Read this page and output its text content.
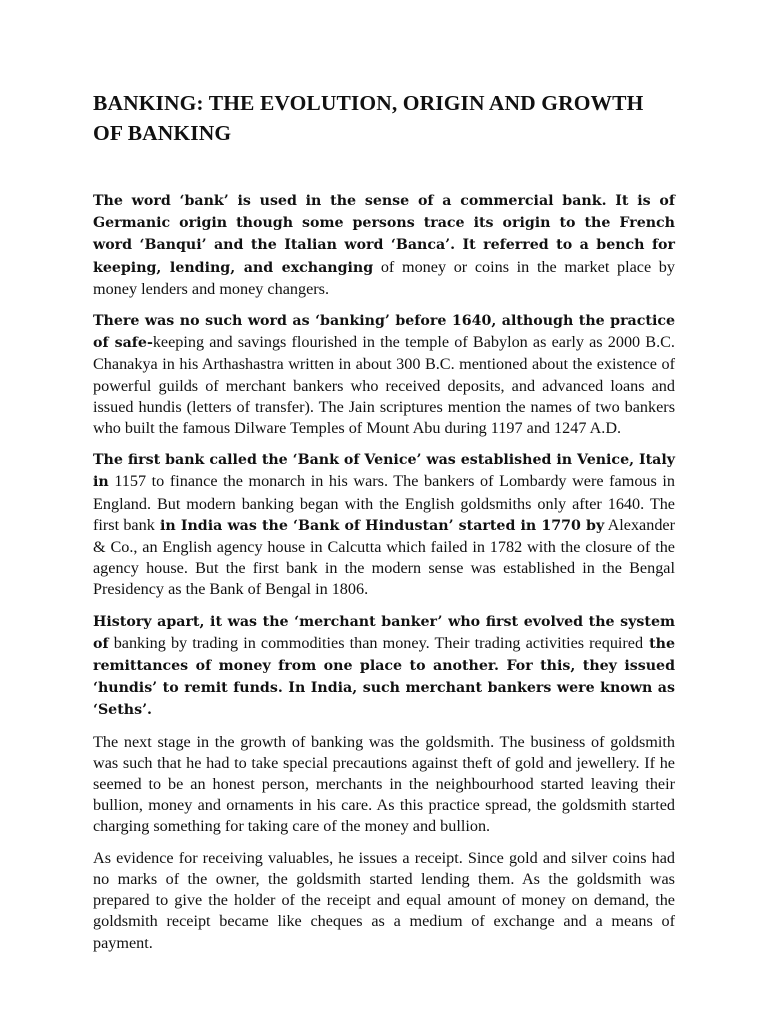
BANKING: THE EVOLUTION, ORIGIN AND GROWTH OF BANKING

The word ‘bank’ is used in the sense of a commercial bank. It is of Germanic origin though some persons trace its origin to the French word ‘Banqui’ and the Italian word ‘Banca’. It referred to a bench for keeping, lending, and exchanging of money or coins in the market place by money lenders and money changers.

There was no such word as ‘banking’ before 1640, although the practice of safe-keeping and savings flourished in the temple of Babylon as early as 2000 B.C. Chanakya in his Arthashastra written in about 300 B.C. mentioned about the existence of powerful guilds of merchant bankers who received deposits, and advanced loans and issued hundis (letters of transfer). The Jain scriptures mention the names of two bankers who built the famous Dilware Temples of Mount Abu during 1197 and 1247 A.D.

The first bank called the ‘Bank of Venice’ was established in Venice, Italy in 1157 to finance the monarch in his wars. The bankers of Lombardy were famous in England. But modern banking began with the English goldsmiths only after 1640. The first bank in India was the ‘Bank of Hindustan’ started in 1770 by Alexander & Co., an English agency house in Calcutta which failed in 1782 with the closure of the agency house. But the first bank in the modern sense was established in the Bengal Presidency as the Bank of Bengal in 1806.

History apart, it was the ‘merchant banker’ who first evolved the system of banking by trading in commodities than money. Their trading activities required the remittances of money from one place to another. For this, they issued ‘hundis’ to remit funds. In India, such merchant bankers were known as ‘Seths’.

The next stage in the growth of banking was the goldsmith. The business of goldsmith was such that he had to take special precautions against theft of gold and jewellery. If he seemed to be an honest person, merchants in the neighbourhood started leaving their bullion, money and ornaments in his care. As this practice spread, the goldsmith started charging something for taking care of the money and bullion.

As evidence for receiving valuables, he issues a receipt. Since gold and silver coins had no marks of the owner, the goldsmith started lending them. As the goldsmith was prepared to give the holder of the receipt and equal amount of money on demand, the goldsmith receipt became like cheques as a medium of exchange and a means of payment.
